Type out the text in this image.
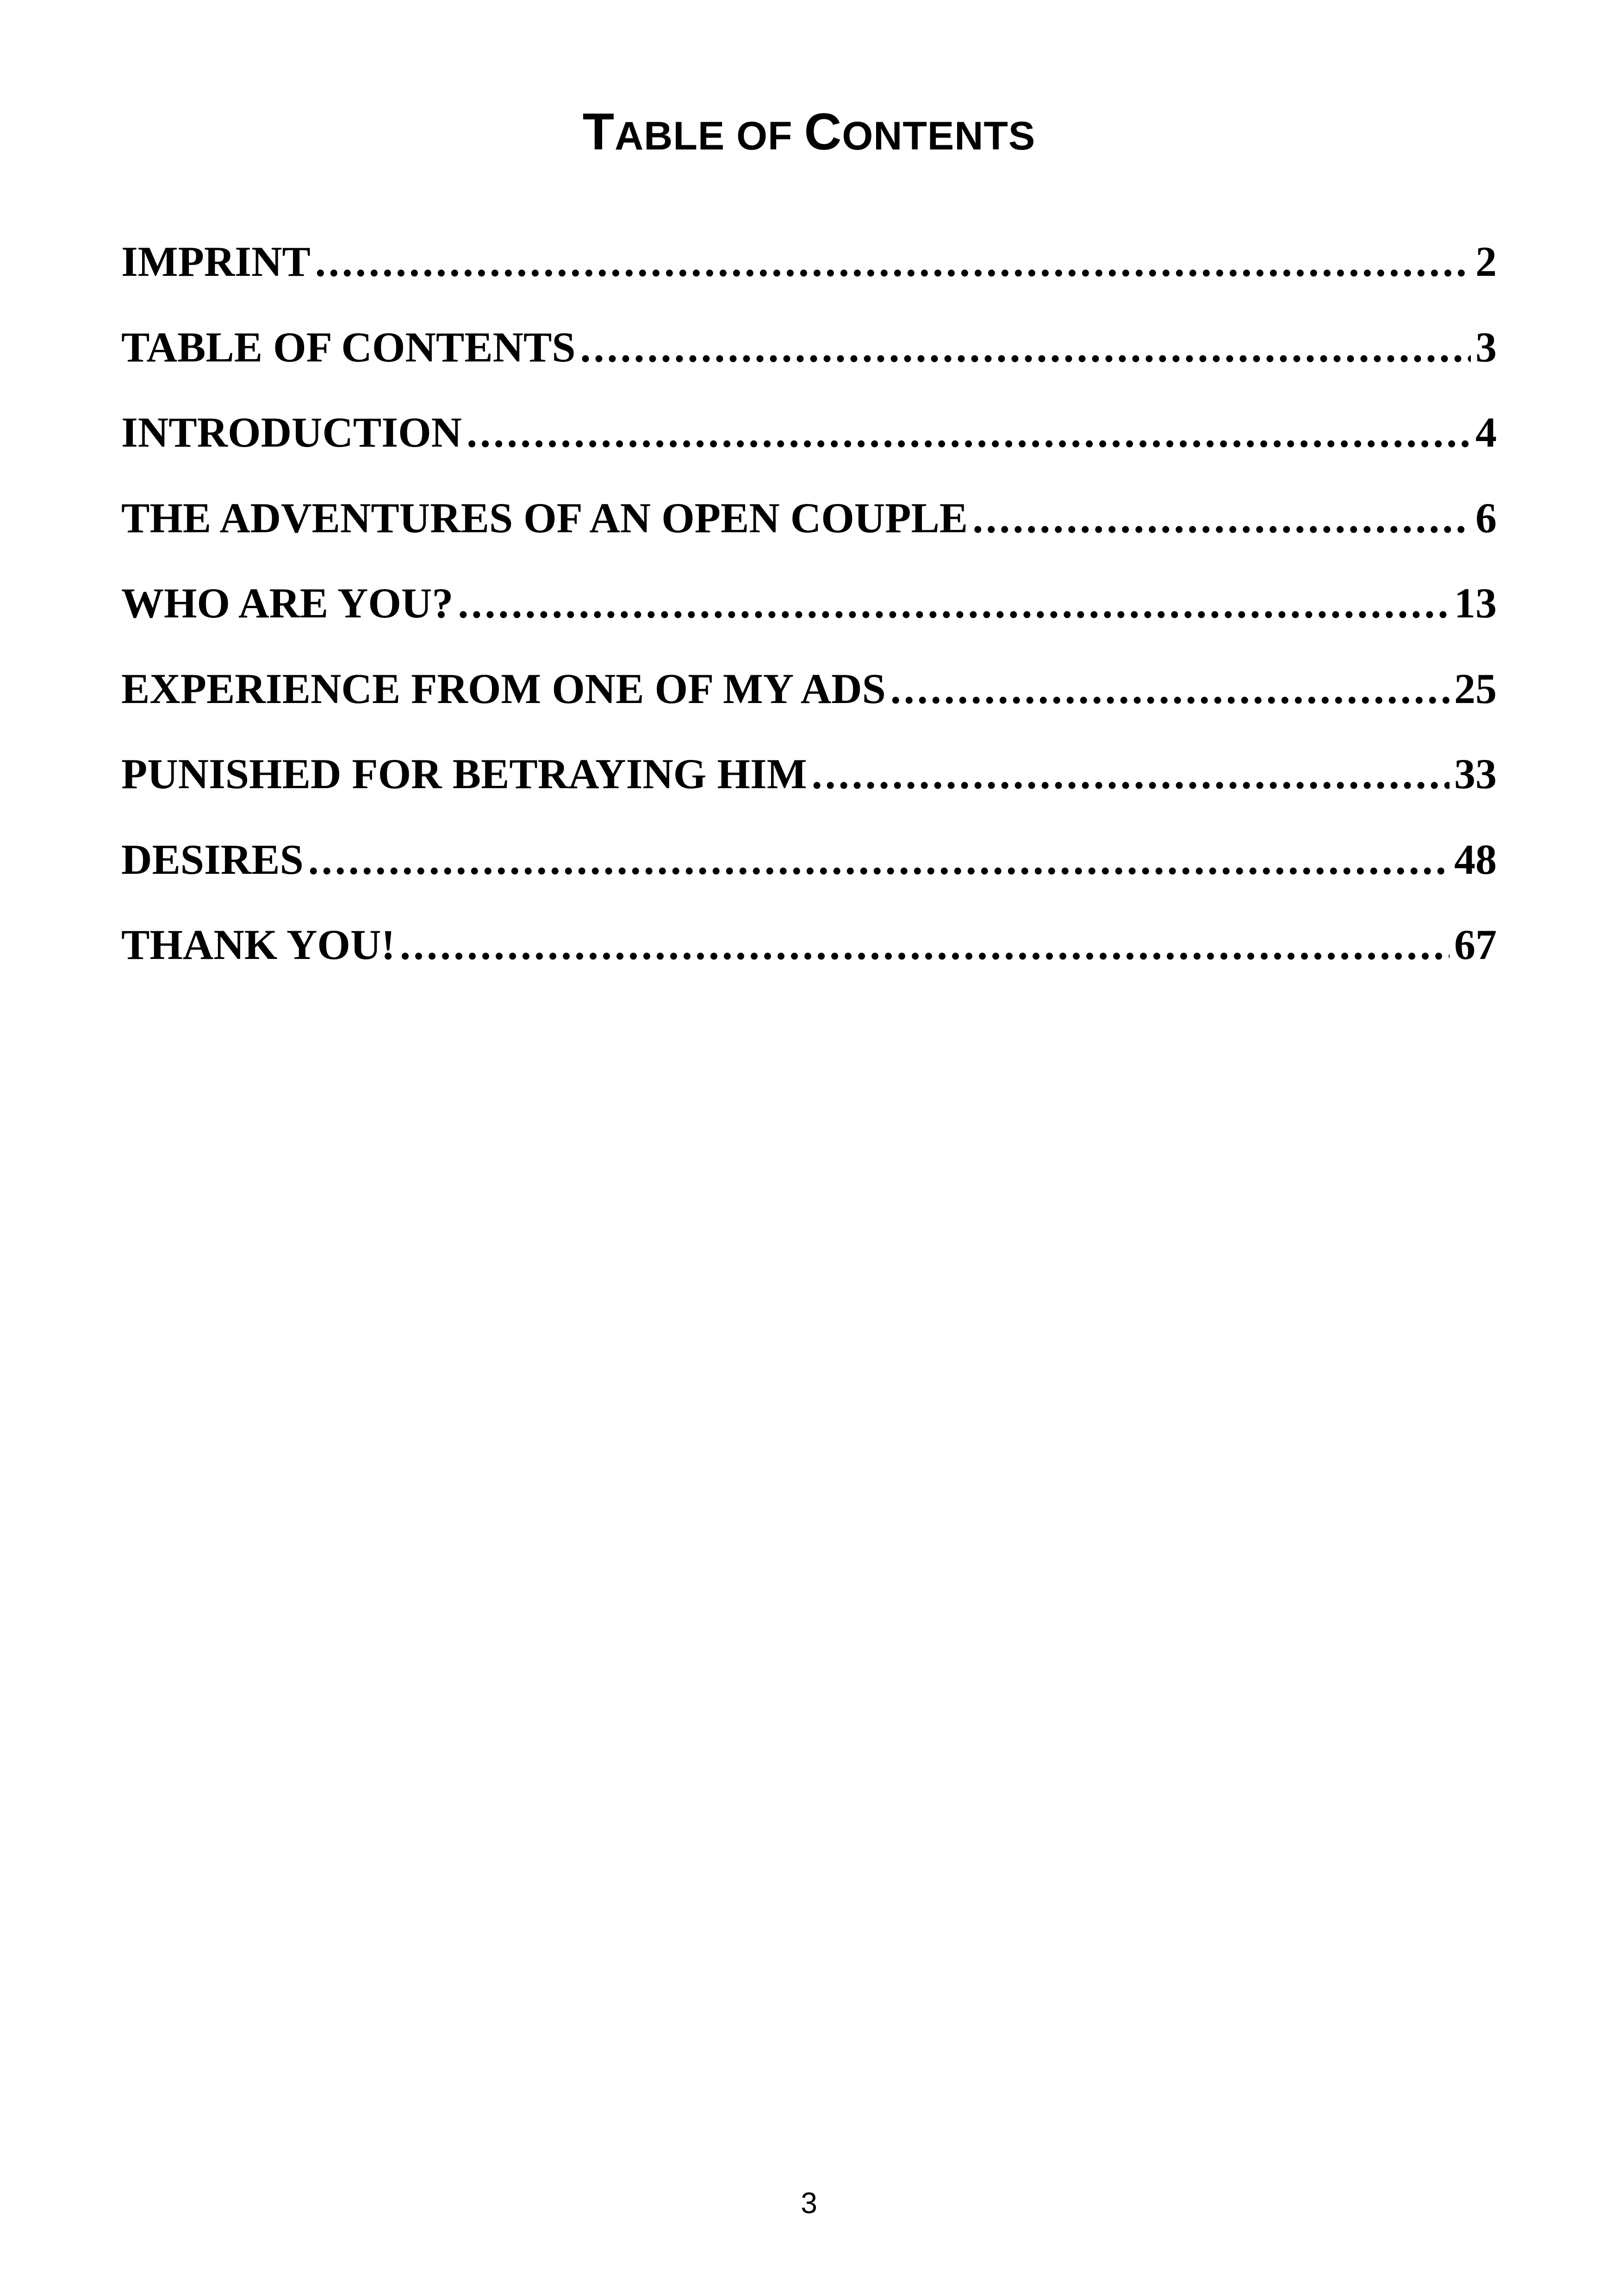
TABLE OF CONTENTS
IMPRINT .....	2
TABLE OF CONTENTS .....	3
INTRODUCTION .....	4
THE ADVENTURES OF AN OPEN COUPLE .....	6
WHO ARE YOU? .....	13
EXPERIENCE FROM ONE OF MY ADS .....	25
PUNISHED FOR BETRAYING HIM .....	33
DESIRES .....	48
THANK YOU! .....	67

3
